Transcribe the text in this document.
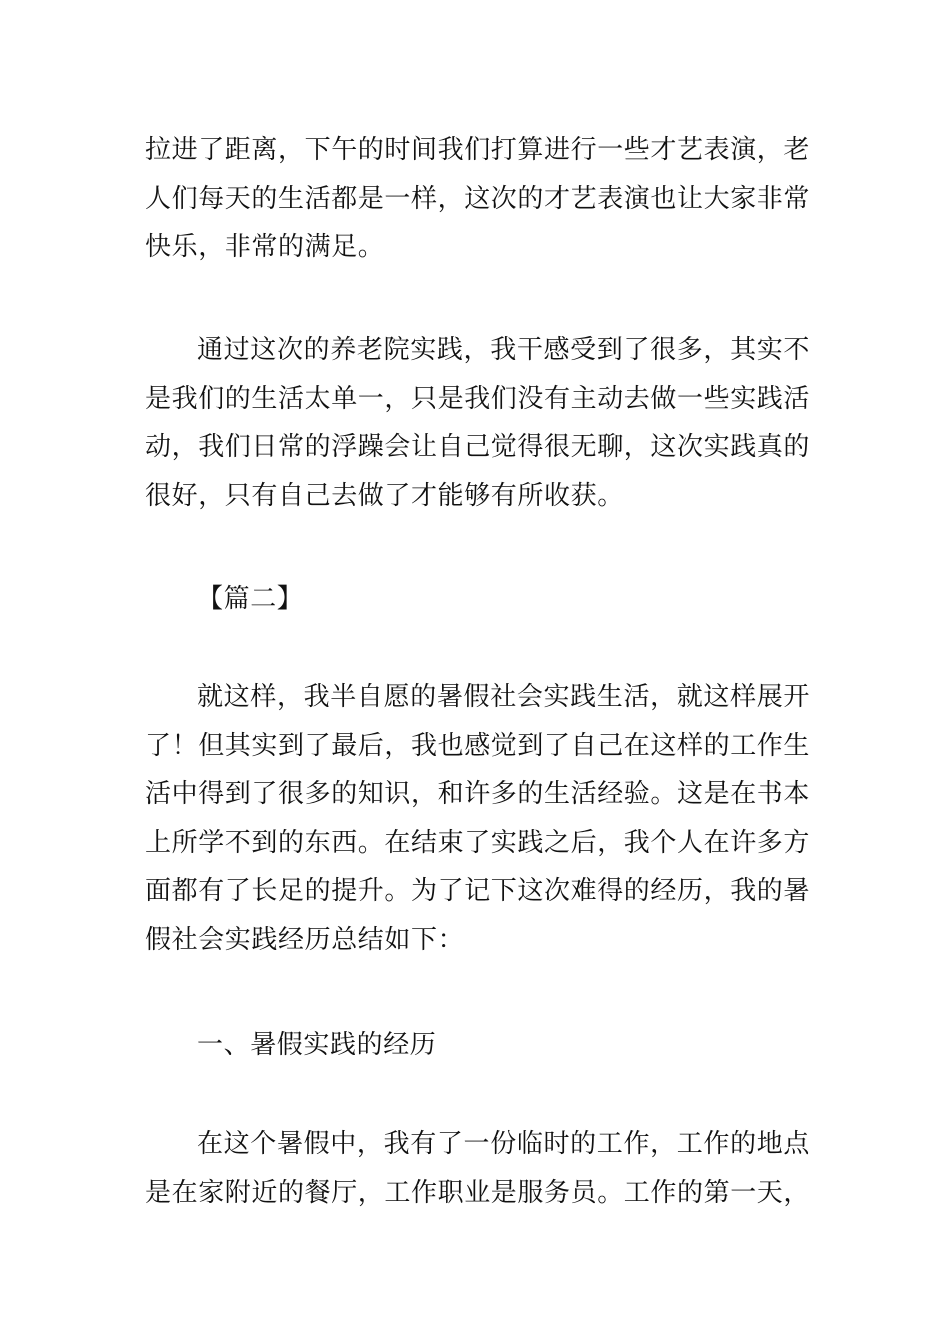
拉进了距离，下午的时间我们打算进行一些才艺表演，老人们每天的生活都是一样，这次的才艺表演也让大家非常快乐，非常的满足。

通过这次的养老院实践，我干感受到了很多，其实不是我们的生活太单一，只是我们没有主动去做一些实践活动，我们日常的浮躁会让自己觉得很无聊，这次实践真的很好，只有自己去做了才能够有所收获。

【篇二】

就这样，我半自愿的暑假社会实践生活，就这样展开了！但其实到了最后，我也感觉到了自己在这样的工作生活中得到了很多的知识，和许多的生活经验。这是在书本上所学不到的东西。在结束了实践之后，我个人在许多方面都有了长足的提升。为了记下这次难得的经历，我的暑假社会实践经历总结如下：

一、暑假实践的经历

在这个暑假中，我有了一份临时的工作，工作的地点是在家附近的餐厅，工作职业是服务员。工作的第一天，
